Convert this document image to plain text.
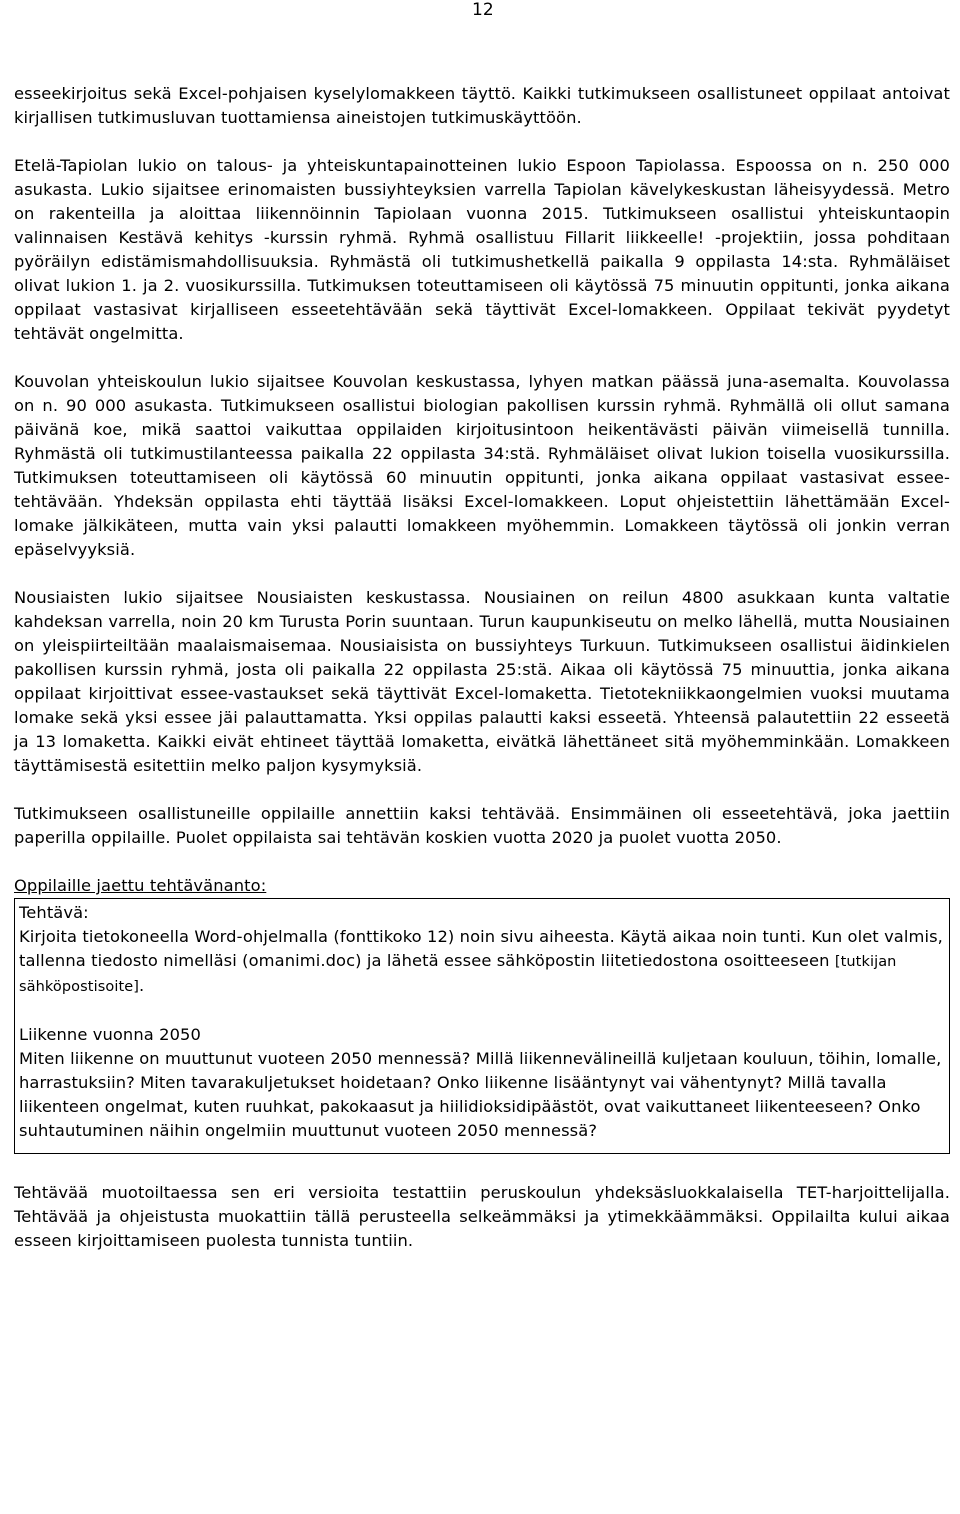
12

esseekirjoitus sekä Excel-pohjaisen kyselylomakkeen täyttö. Kaikki tutkimukseen osallistuneet oppilaat antoivat kirjallisen tutkimusluvan tuottamiensa aineistojen tutkimuskäyttöön.

Etelä-Tapiolan lukio on talous- ja yhteiskuntapainotteinen lukio Espoon Tapiolassa. Espoossa on n. 250 000 asukasta. Lukio sijaitsee erinomaisten bussiyhteyksien varrella Tapiolan kävelykeskustan läheisyydessä. Metro on rakenteilla ja aloittaa liikennöinnin Tapiolaan vuonna 2015. Tutkimukseen osallistui yhteiskuntaopin valinnaisen Kestävä kehitys -kurssin ryhmä. Ryhmä osallistuu Fillarit liikkeelle! -projektiin, jossa pohditaan pyöräilyn edistämismahdollisuuksia. Ryhmästä oli tutkimushetkellä paikalla 9 oppilasta 14:sta. Ryhmäläiset olivat lukion 1. ja 2. vuosikurssilla. Tutkimuksen toteuttamiseen oli käytössä 75 minuutin oppitunti, jonka aikana oppilaat vastasivat kirjalliseen esseetehtävään sekä täyttivät Excel-lomakkeen. Oppilaat tekivät pyydetyt tehtävät ongelmitta.

Kouvolan yhteiskoulun lukio sijaitsee Kouvolan keskustassa, lyhyen matkan päässä juna-asemalta. Kouvolassa on n. 90 000 asukasta. Tutkimukseen osallistui biologian pakollisen kurssin ryhmä. Ryhmällä oli ollut samana päivänä koe, mikä saattoi vaikuttaa oppilaiden kirjoitusintoon heikentävästi päivän viimeisellä tunnilla. Ryhmästä oli tutkimustilanteessa paikalla 22 oppilasta 34:stä. Ryhmäläiset olivat lukion toisella vuosikurssilla. Tutkimuksen toteuttamiseen oli käytössä 60 minuutin oppitunti, jonka aikana oppilaat vastasivat essee-tehtävään. Yhdeksän oppilasta ehti täyttää lisäksi Excel-lomakkeen. Loput ohjeistettiin lähettämään Excel-lomake jälkikäteen, mutta vain yksi palautti lomakkeen myöhemmin. Lomakkeen täytössä oli jonkin verran epäselvyyksiä.

Nousiaisten lukio sijaitsee Nousiaisten keskustassa. Nousiainen on reilun 4800 asukkaan kunta valtatie kahdeksan varrella, noin 20 km Turusta Porin suuntaan. Turun kaupunkiseutu on melko lähellä, mutta Nousiainen on yleispiirteiltään maalaismaisemaa. Nousiaisista on bussiyhteys Turkuun. Tutkimukseen osallistui äidinkielen pakollisen kurssin ryhmä, josta oli paikalla 22 oppilasta 25:stä. Aikaa oli käytössä 75 minuuttia, jonka aikana oppilaat kirjoittivat essee-vastaukset sekä täyttivät Excel-lomaketta. Tietotekniikkaongelmien vuoksi muutama lomake sekä yksi essee jäi palauttamatta. Yksi oppilas palautti kaksi esseetä. Yhteensä palautettiin 22 esseetä ja 13 lomaketta. Kaikki eivät ehtineet täyttää lomaketta, eivätkä lähettäneet sitä myöhemminkään. Lomakkeen täyttämisestä esitettiin melko paljon kysymyksiä.

Tutkimukseen osallistuneille oppilaille annettiin kaksi tehtävää. Ensimmäinen oli esseetehtävä, joka jaettiin paperilla oppilaille. Puolet oppilaista sai tehtävän koskien vuotta 2020 ja puolet vuotta 2050.

Oppilaille jaettu tehtävänanto:

Tehtävä:

Kirjoita tietokoneella Word-ohjelmalla (fonttikoko 12) noin sivu aiheesta. Käytä aikaa noin tunti. Kun olet valmis, tallenna tiedosto nimelläsi (omanimi.doc) ja lähetä essee sähköpostin liitetiedostona osoitteeseen [tutkijan sähköpostisoite].

Liikenne vuonna 2050

Miten liikenne on muuttunut vuoteen 2050 mennessä? Millä liikennevälineillä kuljetaan kouluun, töihin, lomalle, harrastuksiin? Miten tavarakuljetukset hoidetaan? Onko liikenne lisääntynyt vai vähentynyt? Millä tavalla liikenteen ongelmat, kuten ruuhkat, pakokaasut ja hiilidioksidipäästöt, ovat vaikuttaneet liikenteeseen? Onko suhtautuminen näihin ongelmiin muuttunut vuoteen 2050 mennessä?

Tehtävää muotoiltaessa sen eri versioita testattiin peruskoulun yhdeksäsluokkalaisella TET-harjoittelijalla. Tehtävää ja ohjeistusta muokattiin tällä perusteella selkeämmäksi ja ytimekkäämmäksi. Oppilailta kului aikaa esseen kirjoittamiseen puolesta tunnista tuntiin.
